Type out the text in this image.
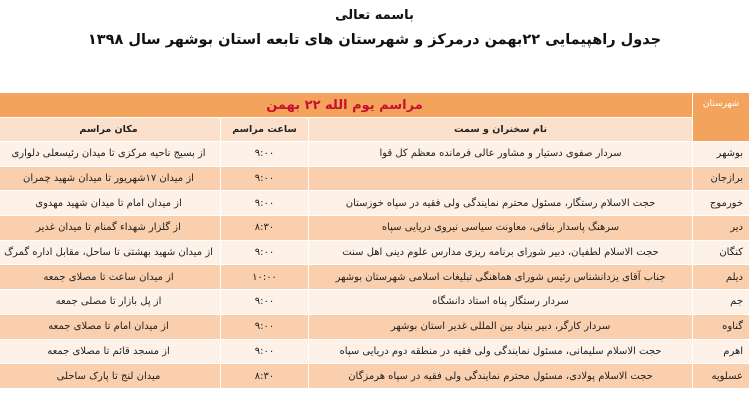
باسمه تعالی
جدول راهپیمایی ۲۲بهمن درمرکز و شهرستان های تابعه استان بوشهر سال ۱۳۹۸
شهرستان	مراسم یوم الله ۲۲ بهمن		
	نام سخنران و سمت	ساعت مراسم	مکان مراسم
بوشهر	سردار صفوی دستیار و مشاور عالی فرمانده معظم کل قوا	۹:۰۰	از بسیج ناحیه مرکزی تا میدان رئیسعلی دلواری
برازجان		۹:۰۰	از میدان ۱۷شهریور تا میدان شهید چمران
خورموج	حجت الاسلام رستگار، مسئول محترم نمایندگی ولی فقیه در سپاه خوزستان	۹:۰۰	از میدان امام تا میدان شهید مهدوی
دیر	سرهنگ پاسدار بنافی، معاونت سیاسی نیروی دریایی سپاه	۸:۳۰	از گلزار شهداء گمنام تا میدان غدیر
کنگان	حجت الاسلام لطفیان، دبیر شورای برنامه ریزی مدارس علوم دینی اهل سنت	۹:۰۰	از میدان شهید بهشتی تا ساحل، مقابل اداره گمرگ
دیلم	جناب آقای یزدانشناس رئیس شورای هماهنگی تبلیغات اسلامی شهرستان بوشهر	۱۰:۰۰	از میدان ساعت تا مصلای جمعه
جم	سردار رستگار پناه استاد دانشگاه	۹:۰۰	از پل بازار تا مصلی جمعه
گناوه	سردار کارگر، دبیر بنیاد بین المللی غدیر استان بوشهر	۹:۰۰	از میدان امام تا مصلای جمعه
اهرم	حجت الاسلام سلیمانی، مسئول نمایندگی ولی فقیه در منطقه دوم دریایی سپاه	۹:۰۰	از مسجد قائم تا مصلای جمعه
عسلویه	حجت الاسلام پولادی، مسئول محترم نمایندگی ولی فقیه در سپاه هرمزگان	۸:۳۰	میدان لنج تا پارک ساحلی
